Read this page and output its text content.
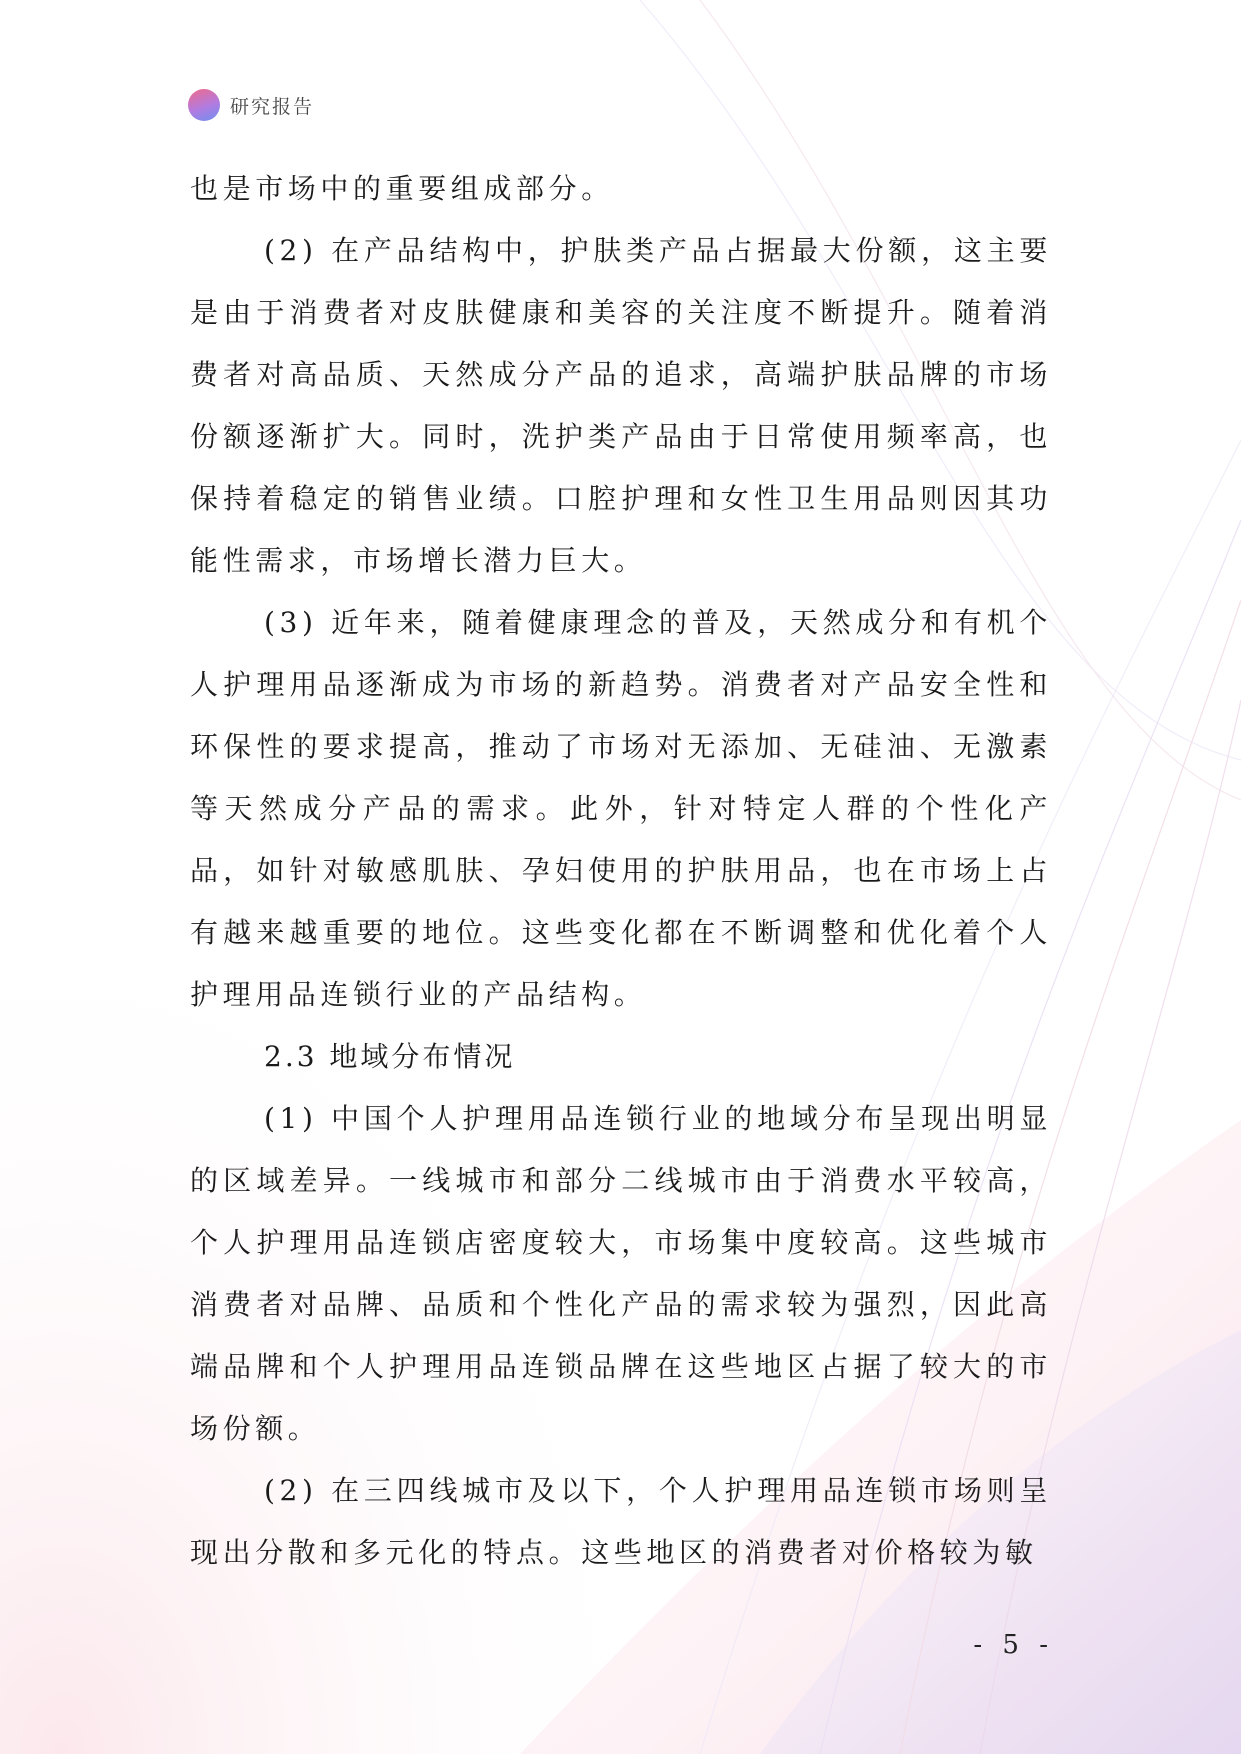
研究报告

也是市场中的重要组成部分。

(2) 在产品结构中，护肤类产品占据最大份额，这主要是由于消费者对皮肤健康和美容的关注度不断提升。随着消费者对高品质、天然成分产品的追求，高端护肤品牌的市场份额逐渐扩大。同时，洗护类产品由于日常使用频率高，也保持着稳定的销售业绩。口腔护理和女性卫生用品则因其功能性需求，市场增长潜力巨大。

(3) 近年来，随着健康理念的普及，天然成分和有机个人护理用品逐渐成为市场的新趋势。消费者对产品安全性和环保性的要求提高，推动了市场对无添加、无硅油、无激素等天然成分产品的需求。此外，针对特定人群的个性化产品，如针对敏感肌肤、孕妇使用的护肤用品，也在市场上占有越来越重要的地位。这些变化都在不断调整和优化着个人护理用品连锁行业的产品结构。

2.3 地域分布情况

(1) 中国个人护理用品连锁行业的地域分布呈现出明显的区域差异。一线城市和部分二线城市由于消费水平较高，个人护理用品连锁店密度较大，市场集中度较高。这些城市消费者对品牌、品质和个性化产品的需求较为强烈，因此高端品牌和个人护理用品连锁品牌在这些地区占据了较大的市场份额。

(2) 在三四线城市及以下，个人护理用品连锁市场则呈现出分散和多元化的特点。这些地区的消费者对价格较为敏

- 5 -
